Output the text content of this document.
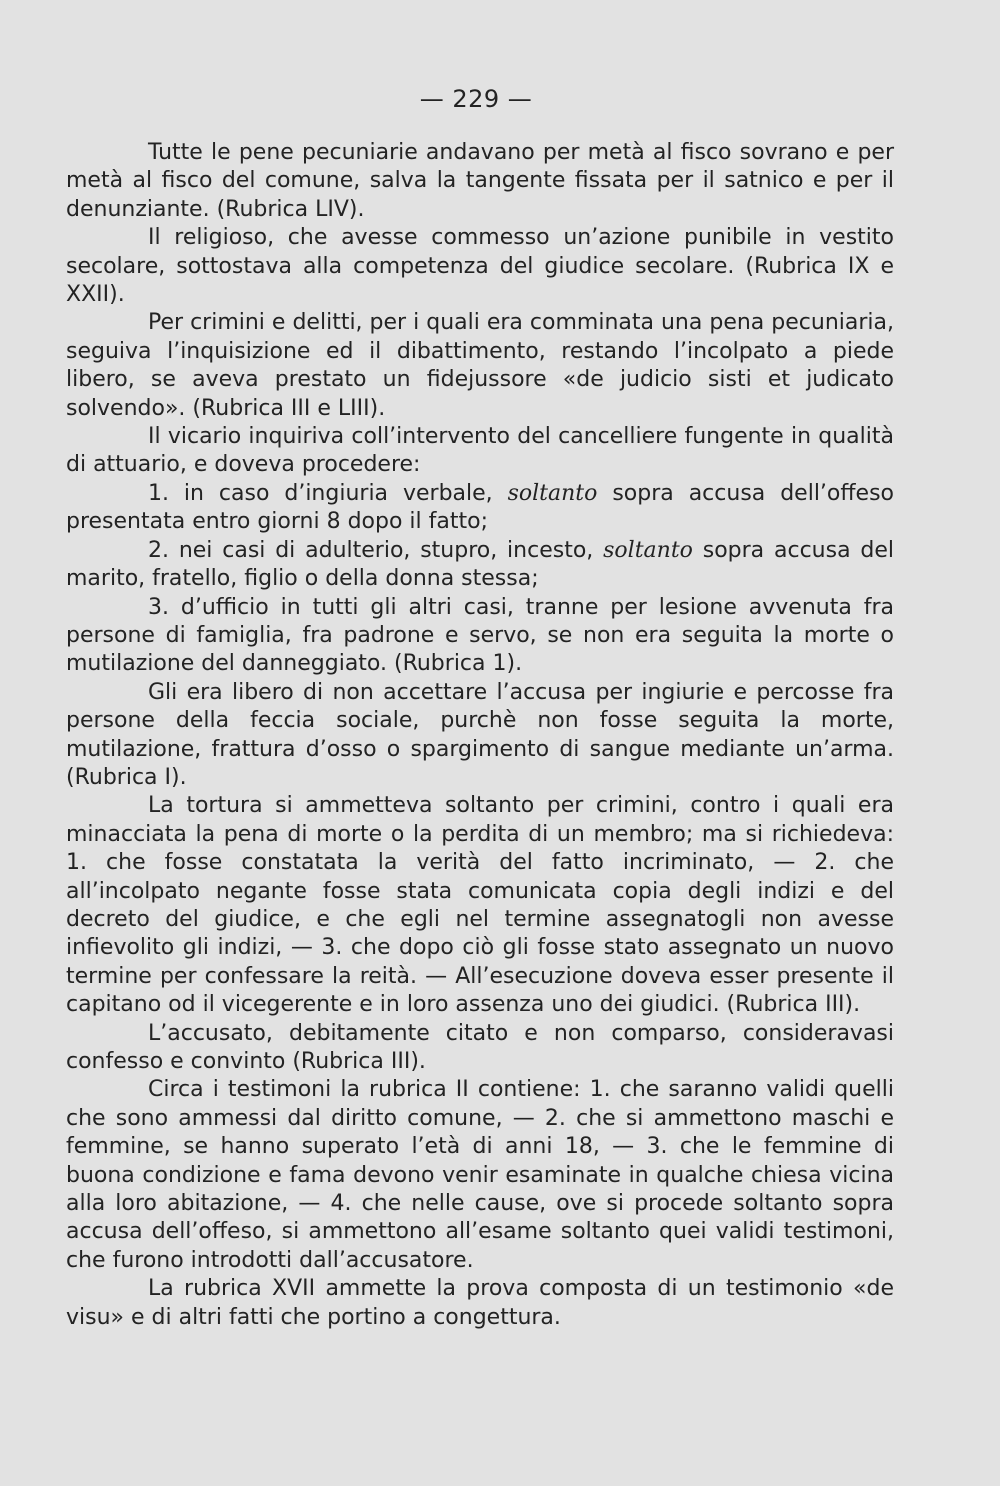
— 229 —

Tutte le pene pecuniarie andavano per metà al fisco sovrano e per metà al fisco del comune, salva la tangente fissata per il satnico e per il denunziante. (Rubrica LIV).

Il religioso, che avesse commesso un’azione punibile in vestito secolare, sottostava alla competenza del giudice secolare. (Rubrica IX e XXII).

Per crimini e delitti, per i quali era comminata una pena pecuniaria, seguiva l’inquisizione ed il dibattimento, restando l’incolpato a piede libero, se aveva prestato un fidejussore «de judicio sisti et judicato solvendo». (Rubrica III e LIII).

Il vicario inquiriva coll’intervento del cancelliere fungente in qualità di attuario, e doveva procedere:

1. in caso d’ingiuria verbale, soltanto sopra accusa dell’offeso presentata entro giorni 8 dopo il fatto;

2. nei casi di adulterio, stupro, incesto, soltanto sopra accusa del marito, fratello, figlio o della donna stessa;

3. d’ufficio in tutti gli altri casi, tranne per lesione avvenuta fra persone di famiglia, fra padrone e servo, se non era seguita la morte o mutilazione del danneggiato. (Rubrica 1).

Gli era libero di non accettare l’accusa per ingiurie e percosse fra persone della feccia sociale, purchè non fosse seguita la morte, mutilazione, frattura d’osso o spargimento di sangue mediante un’arma. (Rubrica I).

La tortura si ammetteva soltanto per crimini, contro i quali era minacciata la pena di morte o la perdita di un membro; ma si richiedeva: 1. che fosse constatata la verità del fatto incriminato, — 2. che all’incolpato negante fosse stata comunicata copia degli indizi e del decreto del giudice, e che egli nel termine assegnatogli non avesse infievolito gli indizi, — 3. che dopo ciò gli fosse stato assegnato un nuovo termine per confessare la reità. — All’esecuzione doveva esser presente il capitano od il vicegerente e in loro assenza uno dei giudici. (Rubrica III).

L’accusato, debitamente citato e non comparso, consideravasi confesso e convinto (Rubrica III).

Circa i testimoni la rubrica II contiene: 1. che saranno validi quelli che sono ammessi dal diritto comune, — 2. che si ammettono maschi e femmine, se hanno superato l’età di anni 18, — 3. che le femmine di buona condizione e fama devono venir esaminate in qualche chiesa vicina alla loro abitazione, — 4. che nelle cause, ove si procede soltanto sopra accusa dell’offeso, si ammettono all’esame soltanto quei validi testimoni, che furono introdotti dall’accusatore.

La rubrica XVII ammette la prova composta di un testimonio «de visu» e di altri fatti che portino a congettura.
